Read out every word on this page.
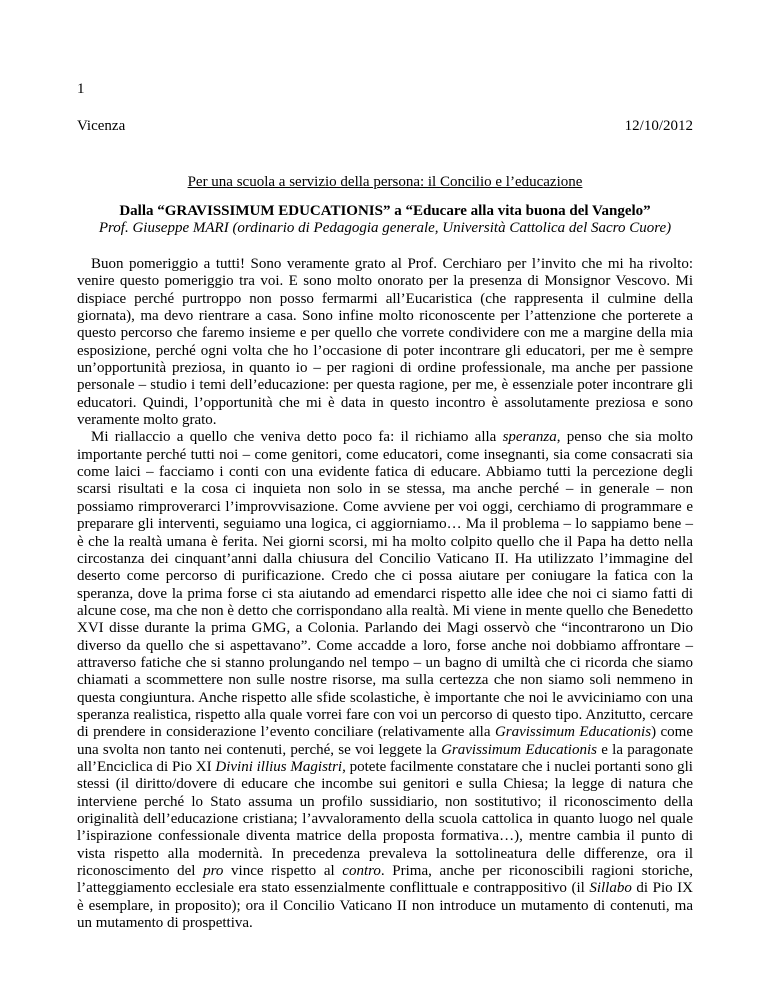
1
Vicenza	12/10/2012
Per una scuola a servizio della persona: il Concilio e l’educazione
Dalla “GRAVISSIMUM EDUCATIONIS” a “Educare alla vita buona del Vangelo”
Prof. Giuseppe MARI (ordinario di Pedagogia generale, Università Cattolica del Sacro Cuore)

Buon pomeriggio a tutti! Sono veramente grato al Prof. Cerchiaro per l’invito che mi ha rivolto: venire questo pomeriggio tra voi. E sono molto onorato per la presenza di Monsignor Vescovo. Mi dispiace perché purtroppo non posso fermarmi all’Eucaristica (che rappresenta il culmine della giornata), ma devo rientrare a casa. Sono infine molto riconoscente per l’attenzione che porterete a questo percorso che faremo insieme e per quello che vorrete condividere con me a margine della mia esposizione, perché ogni volta che ho l’occasione di poter incontrare gli educatori, per me è sempre un’opportunità preziosa, in quanto io – per ragioni di ordine professionale, ma anche per passione personale – studio i temi dell’educazione: per questa ragione, per me, è essenziale poter incontrare gli educatori. Quindi, l’opportunità che mi è data in questo incontro è assolutamente preziosa e sono veramente molto grato.

Mi riallaccio a quello che veniva detto poco fa: il richiamo alla speranza, penso che sia molto importante perché tutti noi – come genitori, come educatori, come insegnanti, sia come consacrati sia come laici – facciamo i conti con una evidente fatica di educare. Abbiamo tutti la percezione degli scarsi risultati e la cosa ci inquieta non solo in se stessa, ma anche perché – in generale – non possiamo rimproverarci l’improvvisazione. Come avviene per voi oggi, cerchiamo di programmare e preparare gli interventi, seguiamo una logica, ci aggiorniamo… Ma il problema – lo sappiamo bene – è che la realtà umana è ferita. Nei giorni scorsi, mi ha molto colpito quello che il Papa ha detto nella circostanza dei cinquant’anni dalla chiusura del Concilio Vaticano II. Ha utilizzato l’immagine del deserto come percorso di purificazione. Credo che ci possa aiutare per coniugare la fatica con la speranza, dove la prima forse ci sta aiutando ad emendarci rispetto alle idee che noi ci siamo fatti di alcune cose, ma che non è detto che corrispondano alla realtà. Mi viene in mente quello che Benedetto XVI disse durante la prima GMG, a Colonia. Parlando dei Magi osservò che “incontrarono un Dio diverso da quello che si aspettavano”. Come accadde a loro, forse anche noi dobbiamo affrontare – attraverso fatiche che si stanno prolungando nel tempo – un bagno di umiltà che ci ricorda che siamo chiamati a scommettere non sulle nostre risorse, ma sulla certezza che non siamo soli nemmeno in questa congiuntura. Anche rispetto alle sfide scolastiche, è importante che noi le avviciniamo con una speranza realistica, rispetto alla quale vorrei fare con voi un percorso di questo tipo. Anzitutto, cercare di prendere in considerazione l’evento conciliare (relativamente alla Gravissimum Educationis) come una svolta non tanto nei contenuti, perché, se voi leggete la Gravissimum Educationis e la paragonate all’Enciclica di Pio XI Divini illius Magistri, potete facilmente constatare che i nuclei portanti sono gli stessi (il diritto/dovere di educare che incombe sui genitori e sulla Chiesa; la legge di natura che interviene perché lo Stato assuma un profilo sussidiario, non sostitutivo; il riconoscimento della originalità dell’educazione cristiana; l’avvaloramento della scuola cattolica in quanto luogo nel quale l’ispirazione confessionale diventa matrice della proposta formativa…), mentre cambia il punto di vista rispetto alla modernità. In precedenza prevaleva la sottolineatura delle differenze, ora il riconoscimento del pro vince rispetto al contro. Prima, anche per riconoscibili ragioni storiche, l’atteggiamento ecclesiale era stato essenzialmente conflittuale e contrappositivo (il Sillabo di Pio IX è esemplare, in proposito); ora il Concilio Vaticano II non introduce un mutamento di contenuti, ma un mutamento di prospettiva.
